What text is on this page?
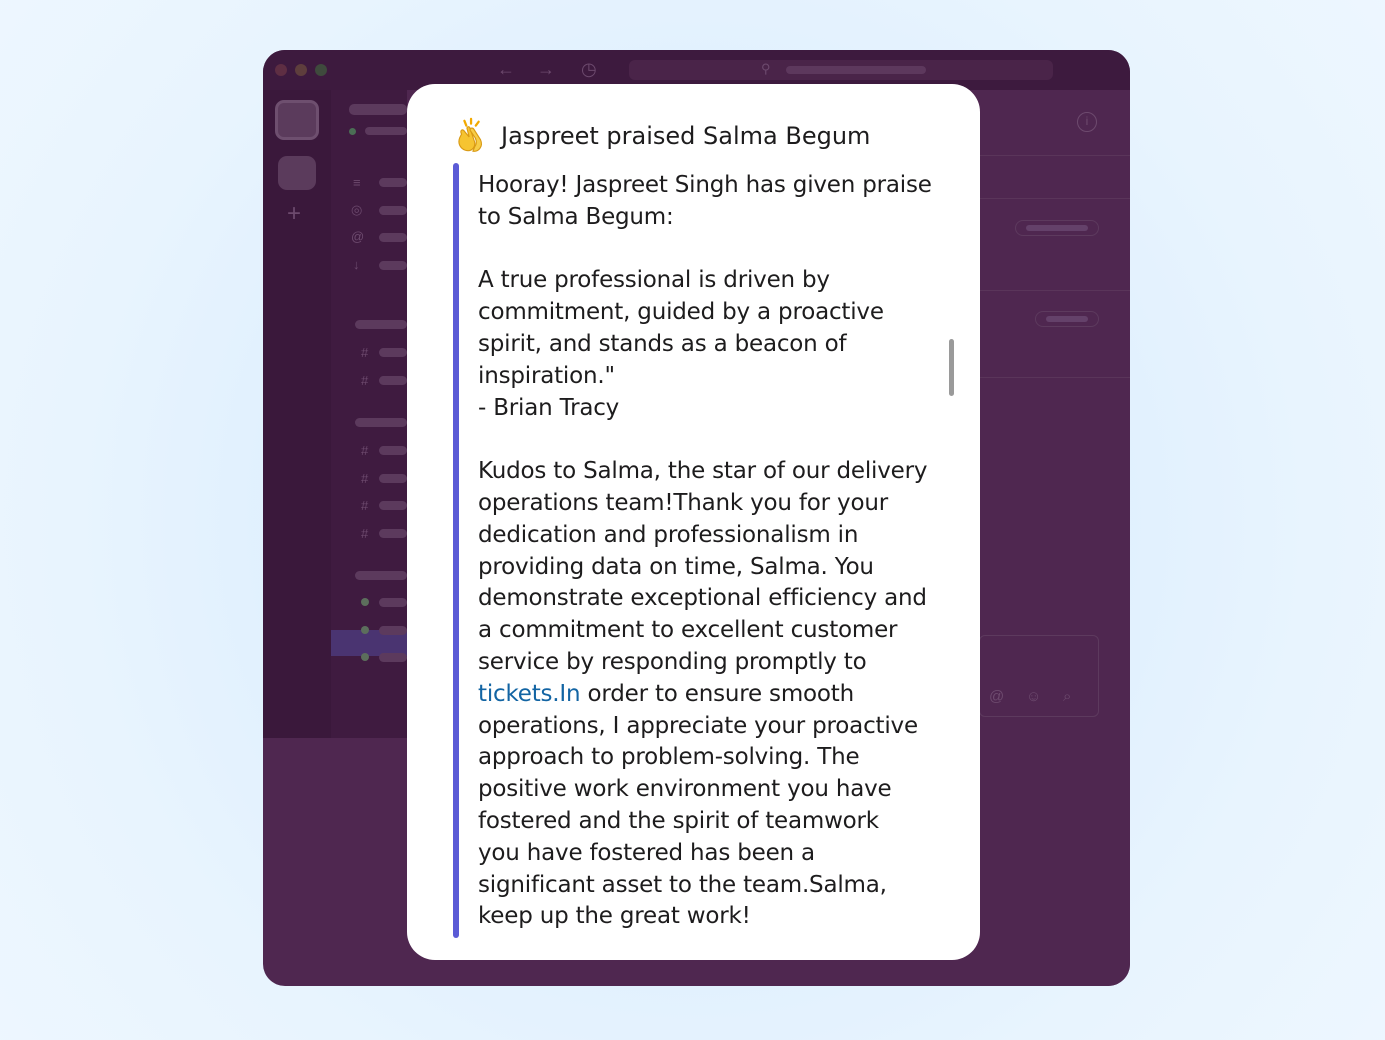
← → ◷	⚲
+
≡
◎
@
↓
#
#
#
#
#
#
i
@ ☺ ⌕
Jaspreet praised Salma Begum
Hooray! Jaspreet Singh has given praise
to Salma Begum:
A true professional is driven by
commitment, guided by a proactive
spirit, and stands as a beacon of
inspiration."
- Brian Tracy
Kudos to Salma, the star of our delivery
operations team!Thank you for your
dedication and professionalism in
providing data on time, Salma. You
demonstrate exceptional efficiency and
a commitment to excellent customer
service by responding promptly to
tickets.In order to ensure smooth
operations, I appreciate your proactive
approach to problem-solving. The
positive work environment you have
fostered and the spirit of teamwork
you have fostered has been a
significant asset to the team.Salma,
keep up the great work!
